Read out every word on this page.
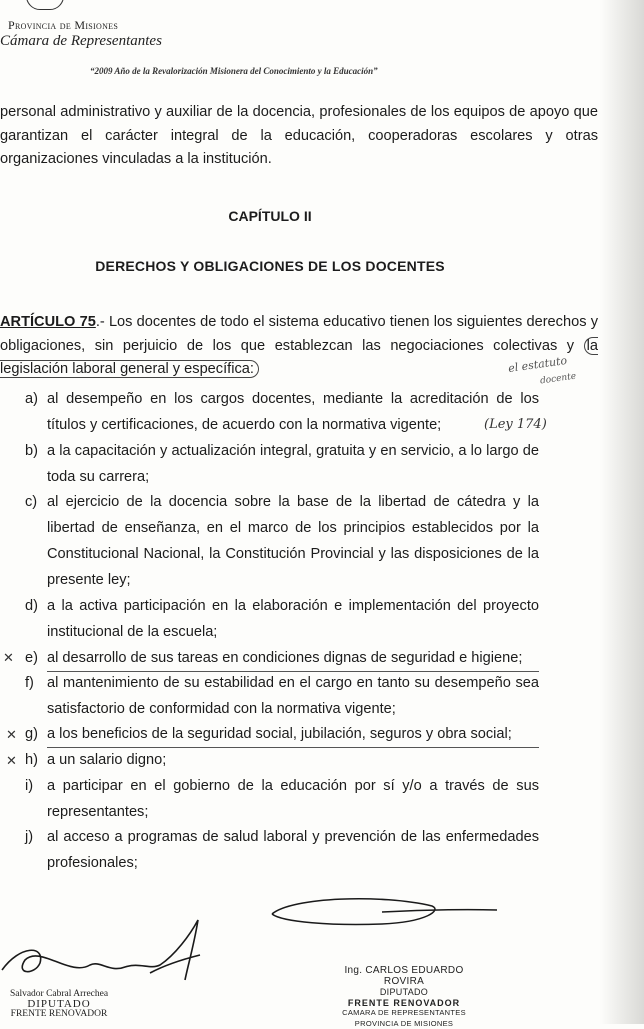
Provincia de Misiones
Cámara de Representantes
“2009 Año de la Revalorización Misionera del Conocimiento y la Educación”
personal administrativo y auxiliar de la docencia, profesionales de los equipos de apoyo que garantizan el carácter integral de la educación, cooperadoras escolares y otras organizaciones vinculadas a la institución.
CAPÍTULO II
DERECHOS Y OBLIGACIONES DE LOS DOCENTES
ARTÍCULO 75.- Los docentes de todo el sistema educativo tienen los siguientes derechos y obligaciones, sin perjuicio de los que establezcan las negociaciones colectivas y la legislación laboral general y específica:
a) al desempeño en los cargos docentes, mediante la acreditación de los títulos y certificaciones, de acuerdo con la normativa vigente;
b) a la capacitación y actualización integral, gratuita y en servicio, a lo largo de toda su carrera;
c) al ejercicio de la docencia sobre la base de la libertad de cátedra y la libertad de enseñanza, en el marco de los principios establecidos por la Constitucional Nacional, la Constitución Provincial y las disposiciones de la presente ley;
d) a la activa participación en la elaboración e implementación del proyecto institucional de la escuela;
e) al desarrollo de sus tareas en condiciones dignas de seguridad e higiene;
f) al mantenimiento de su estabilidad en el cargo en tanto su desempeño sea satisfactorio de conformidad con la normativa vigente;
g) a los beneficios de la seguridad social, jubilación, seguros y obra social;
h) a un salario digno;
i) a participar en el gobierno de la educación por sí y/o a través de sus representantes;
j) al acceso a programas de salud laboral y prevención de las enfermedades profesionales;
el estatuto
docente
(Ley 174)
✕
✕
✕
Salvador Cabral Arrechea
DIPUTADO
FRENTE RENOVADOR
Ing. CARLOS EDUARDO ROVIRA
DIPUTADO
FRENTE RENOVADOR
CAMARA DE REPRESENTANTES
PROVINCIA DE MISIONES
